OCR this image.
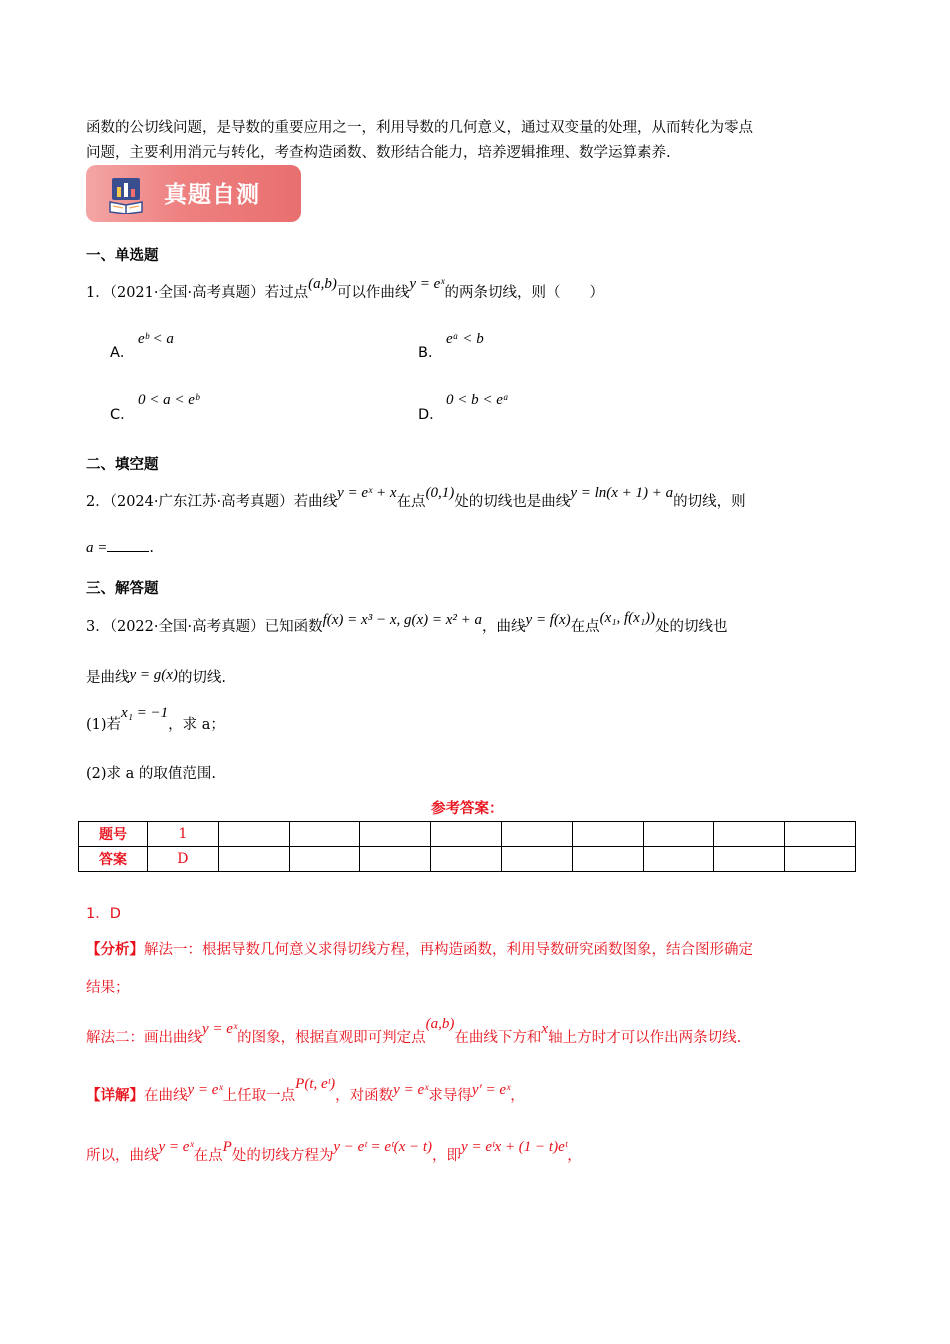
函数的公切线问题，是导数的重要应用之一，利用导数的几何意义，通过双变量的处理，从而转化为零点
问题，主要利用消元与转化，考查构造函数、数形结合能力，培养逻辑推理、数学运算素养.
真题自测
一、单选题
1．（2021·全国·高考真题）若过点(a,b)可以作曲线y = eˣ的两条切线，则（　　）
A．
eᵇ < a
B．
eᵃ < b
C．
0 < a < eᵇ
D．
0 < b < eᵃ
二、填空题
2．（2024·广东江苏·高考真题）若曲线y = eˣ + x在点(0,1)处的切线也是曲线y = ln(x + 1) + a的切线，则
a =	.
三、解答题
3．（2022·全国·高考真题）已知函数f(x) = x³ − x, g(x) = x² + a，曲线y = f(x)在点(x₁, f(x₁))处的切线也
是曲线y = g(x)的切线.
(1)若x₁ = −1，求 a；
(2)求 a 的取值范围.
参考答案：
题号	1									
答案	D									
1．D
【分析】解法一：根据导数几何意义求得切线方程，再构造函数，利用导数研究函数图象，结合图形确定
结果；
解法二：画出曲线y = eˣ的图象，根据直观即可判定点(a,b)在曲线下方和x轴上方时才可以作出两条切线.
【详解】在曲线y = eˣ上任取一点P(t, eᵗ)，对函数y = eˣ求导得y′ = eˣ，
所以，曲线y = eˣ在点P处的切线方程为y − eᵗ = eᵗ(x − t)，即y = eᵗx + (1 − t)eᵗ，
